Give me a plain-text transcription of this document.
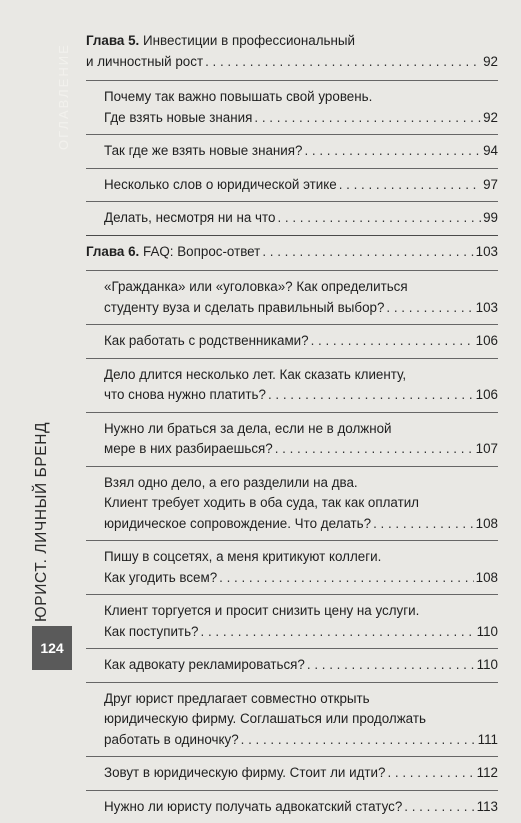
ОГЛАВЛЕНИЕ
ЮРИСТ. ЛИЧНЫЙ БРЕНД
124
Глава 5. Инвестиции в профессиональный
и личностный рост . . .	92
Почему так важно повышать свой уровень.
Где взять новые знания . . .	92
Так где же взять новые знания? . . .	94
Несколько слов о юридической этике . . .	97
Делать, несмотря ни на что . . .	99
Глава 6. FAQ: Вопрос-ответ . . .	103
«Гражданка» или «уголовка»? Как определиться
студенту вуза и сделать правильный выбор? . . .	103
Как работать с родственниками? . . .	106
Дело длится несколько лет. Как сказать клиенту,
что снова нужно платить? . . .	106
Нужно ли браться за дела, если не в должной
мере в них разбираешься? . . .	107
Взял одно дело, а его разделили на два.
Клиент требует ходить в оба суда, так как оплатил
юридическое сопровождение. Что делать? . . .	108
Пишу в соцсетях, а меня критикуют коллеги.
Как угодить всем? . . .	108
Клиент торгуется и просит снизить цену на услуги.
Как поступить? . . .	110
Как адвокату рекламироваться? . . .	110
Друг юрист предлагает совместно открыть
юридическую фирму. Соглашаться или продолжать
работать в одиночку? . . .	111
Зовут в юридическую фирму. Стоит ли идти? . . .	112
Нужно ли юристу получать адвокатский статус? . . .	113
